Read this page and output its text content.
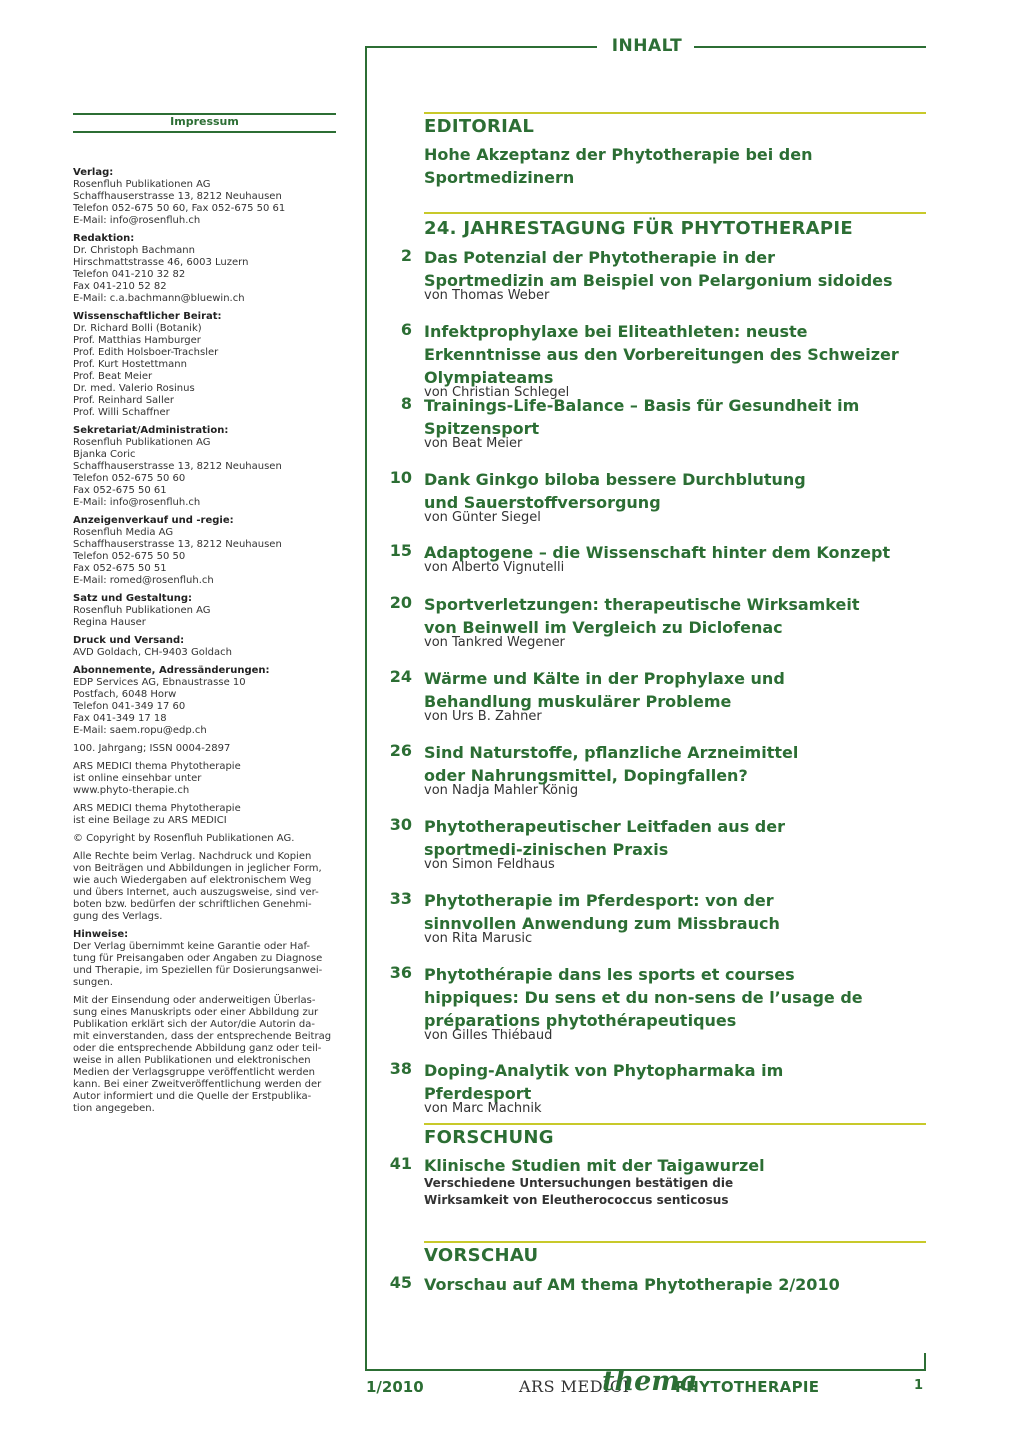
INHALT
Impressum
Verlag:
Rosenfluh Publikationen AG
Schaffhauserstrasse 13, 8212 Neuhausen
Telefon 052-675 50 60, Fax 052-675 50 61
E-Mail: info@rosenfluh.ch
Redaktion:
Dr. Christoph Bachmann
Hirschmattstrasse 46, 6003 Luzern
Telefon 041-210 32 82
Fax 041-210 52 82
E-Mail: c.a.bachmann@bluewin.ch
Wissenschaftlicher Beirat:
Dr. Richard Bolli (Botanik)
Prof. Matthias Hamburger
Prof. Edith Holsboer-Trachsler
Prof. Kurt Hostettmann
Prof. Beat Meier
Dr. med. Valerio Rosinus
Prof. Reinhard Saller
Prof. Willi Schaffner
Sekretariat/Administration:
Rosenfluh Publikationen AG
Bjanka Coric
Schaffhauserstrasse 13, 8212 Neuhausen
Telefon 052-675 50 60
Fax 052-675 50 61
E-Mail: info@rosenfluh.ch
Anzeigenverkauf und -regie:
Rosenfluh Media AG
Schaffhauserstrasse 13, 8212 Neuhausen
Telefon 052-675 50 50
Fax 052-675 50 51
E-Mail: romed@rosenfluh.ch
Satz und Gestaltung:
Rosenfluh Publikationen AG
Regina Hauser
Druck und Versand:
AVD Goldach, CH-9403 Goldach
Abonnemente, Adressänderungen:
EDP Services AG, Ebnaustrasse 10
Postfach, 6048 Horw
Telefon 041-349 17 60
Fax 041-349 17 18
E-Mail: saem.ropu@edp.ch
100. Jahrgang; ISSN 0004-2897
ARS MEDICI thema Phytotherapie
ist online einsehbar unter
www.phyto-therapie.ch
ARS MEDICI thema Phytotherapie
ist eine Beilage zu ARS MEDICI
© Copyright by Rosenfluh Publikationen AG.
Alle Rechte beim Verlag. Nachdruck und Kopien
von Beiträgen und Abbildungen in jeglicher Form,
wie auch Wiedergaben auf elektronischem Weg
und übers Internet, auch auszugsweise, sind ver-
boten bzw. bedürfen der schriftlichen Genehmi-
gung des Verlags.
Hinweise:
Der Verlag übernimmt keine Garantie oder Haf-
tung für Preisangaben oder Angaben zu Diagnose
und Therapie, im Speziellen für Dosierungsanwei-
sungen.
Mit der Einsendung oder anderweitigen Überlas-
sung eines Manuskripts oder einer Abbildung zur
Publikation erklärt sich der Autor/die Autorin da-
mit einverstanden, dass der entsprechende Beitrag
oder die entsprechende Abbildung ganz oder teil-
weise in allen Publikationen und elektronischen
Medien der Verlagsgruppe veröffentlicht werden
kann. Bei einer Zweitveröffentlichung werden der
Autor informiert und die Quelle der Erstpublika-
tion angegeben.
EDITORIAL
Hohe Akzeptanz der Phytotherapie bei den Sportmedizinern
24. JAHRESTAGUNG FÜR PHYTOTHERAPIE
2 Das Potenzial der Phytotherapie in der Sportmedizin am Beispiel von Pelargonium sidoides
von Thomas Weber
6 Infektprophylaxe bei Eliteathleten: neuste Erkenntnisse aus den Vorbereitungen des Schweizer Olympiateams
von Christian Schlegel
8 Trainings-Life-Balance – Basis für Gesundheit im Spitzensport
von Beat Meier
10 Dank Ginkgo biloba bessere Durchblutung und Sauerstoffversorgung
von Günter Siegel
15 Adaptogene – die Wissenschaft hinter dem Konzept
von Alberto Vignutelli
20 Sportverletzungen: therapeutische Wirksamkeit von Beinwell im Vergleich zu Diclofenac
von Tankred Wegener
24 Wärme und Kälte in der Prophylaxe und Behandlung muskulärer Probleme
von Urs B. Zahner
26 Sind Naturstoffe, pflanzliche Arzneimittel oder Nahrungsmittel, Dopingfallen?
von Nadja Mahler König
30 Phytotherapeutischer Leitfaden aus der sportmedi-zinischen Praxis
von Simon Feldhaus
33 Phytotherapie im Pferdesport: von der sinnvollen Anwendung zum Missbrauch
von Rita Marusic
36 Phytothérapie dans les sports et courses hippiques: Du sens et du non-sens de l’usage de préparations phytothérapeutiques
von Gilles Thiébaud
38 Doping-Analytik von Phytopharmaka im Pferdesport
von Marc Machnik
FORSCHUNG
41 Klinische Studien mit der Taigawurzel
Verschiedene Untersuchungen bestätigen die Wirksamkeit von Eleutherococcus senticosus
VORSCHAU
45 Vorschau auf AM thema Phytotherapie 2/2010
1/2010	ARS MEDICI
thema
PHYTOTHERAPIE	1
